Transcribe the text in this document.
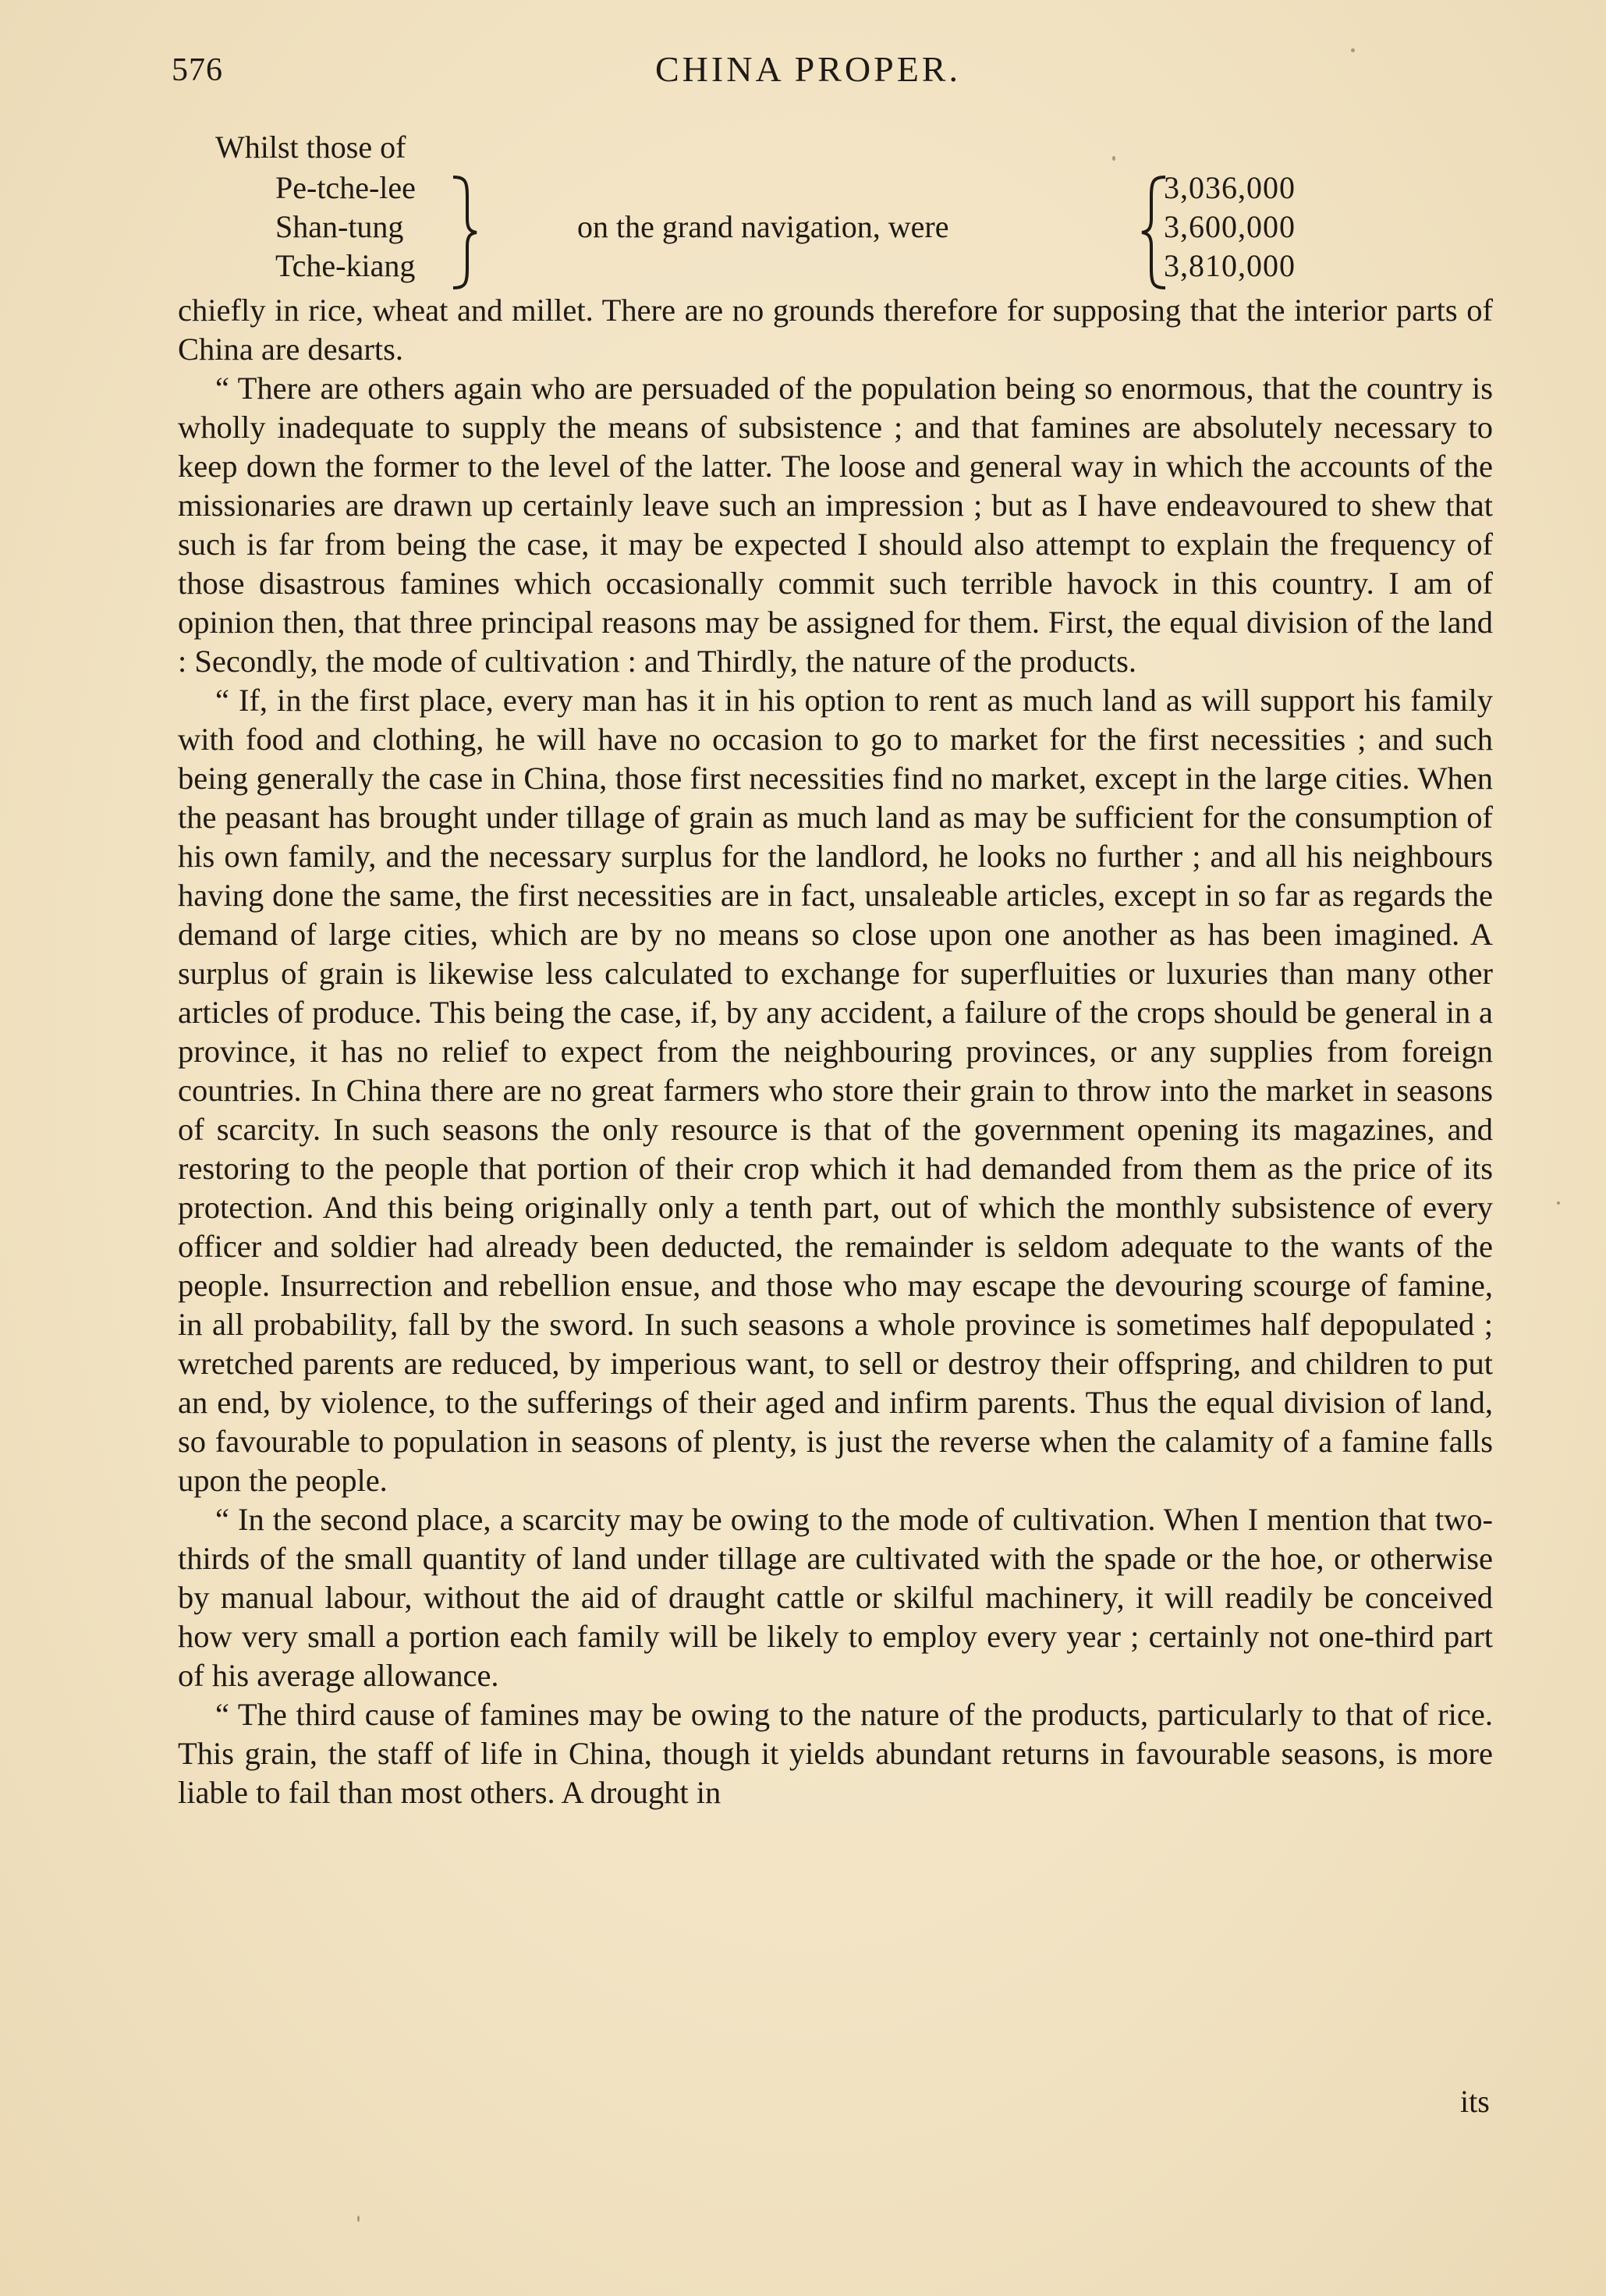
576	CHINA PROPER.
Whilst those of
Pe-tche-lee
Shan-tung
Tche-kiang
on the grand navigation, were
3,036,000
3,600,000
3,810,000

chiefly in rice, wheat and millet. There are no grounds therefore for supposing that the interior parts of China are desarts.

“ There are others again who are persuaded of the population being so enormous, that the country is wholly inadequate to supply the means of subsistence ; and that famines are absolutely necessary to keep down the former to the level of the latter. The loose and general way in which the accounts of the missionaries are drawn up certainly leave such an impression ; but as I have endeavoured to shew that such is far from being the case, it may be expected I should also attempt to explain the frequency of those disastrous famines which occasionally commit such terrible havock in this country. I am of opinion then, that three principal reasons may be assigned for them. First, the equal division of the land : Secondly, the mode of cultivation : and Thirdly, the nature of the products.

“ If, in the first place, every man has it in his option to rent as much land as will support his family with food and clothing, he will have no occasion to go to market for the first necessities ; and such being generally the case in China, those first necessities find no market, except in the large cities. When the peasant has brought under tillage of grain as much land as may be sufficient for the consumption of his own family, and the necessary surplus for the landlord, he looks no further ; and all his neighbours having done the same, the first necessities are in fact, unsaleable articles, except in so far as regards the demand of large cities, which are by no means so close upon one another as has been imagined. A surplus of grain is likewise less calculated to exchange for superfluities or luxuries than many other articles of produce. This being the case, if, by any accident, a failure of the crops should be general in a province, it has no relief to expect from the neighbouring provinces, or any supplies from foreign countries. In China there are no great farmers who store their grain to throw into the market in seasons of scarcity. In such seasons the only resource is that of the government opening its magazines, and restoring to the people that portion of their crop which it had demanded from them as the price of its protection. And this being originally only a tenth part, out of which the monthly subsistence of every officer and soldier had already been deducted, the remainder is seldom adequate to the wants of the people. Insurrection and rebellion ensue, and those who may escape the devouring scourge of famine, in all probability, fall by the sword. In such seasons a whole province is sometimes half depopulated ; wretched parents are reduced, by imperious want, to sell or destroy their offspring, and children to put an end, by violence, to the sufferings of their aged and infirm parents. Thus the equal division of land, so favourable to population in seasons of plenty, is just the reverse when the calamity of a famine falls upon the people.

“ In the second place, a scarcity may be owing to the mode of cultivation. When I mention that two-thirds of the small quantity of land under tillage are cultivated with the spade or the hoe, or otherwise by manual labour, without the aid of draught cattle or skilful machinery, it will readily be conceived how very small a portion each family will be likely to employ every year ; certainly not one-third part of his average allowance.

“ The third cause of famines may be owing to the nature of the products, particularly to that of rice. This grain, the staff of life in China, though it yields abundant returns in favourable seasons, is more liable to fail than most others. A drought in

its
